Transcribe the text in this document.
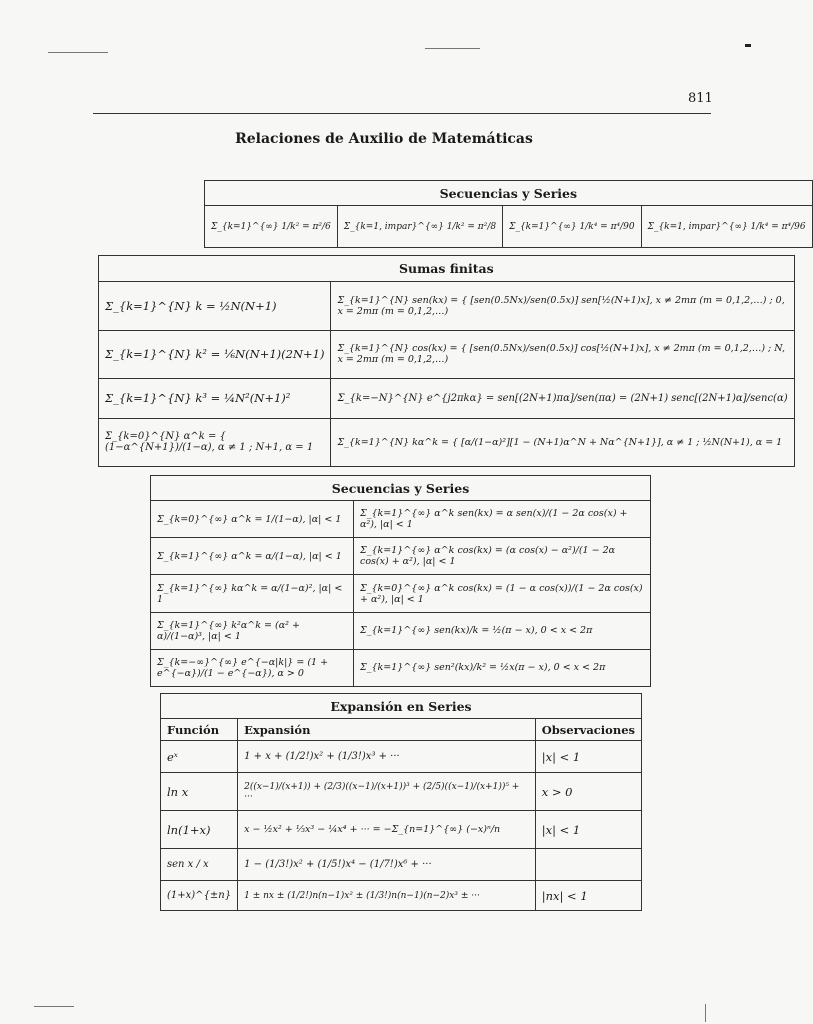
811
Relaciones de Auxilio de Matemáticas
Secuencias y Series
Σ_{k=1}^{∞} 1/k² = π²/6	Σ_{k=1, impar}^{∞} 1/k² = π²/8	Σ_{k=1}^{∞} 1/k⁴ = π⁴/90	Σ_{k=1, impar}^{∞} 1/k⁴ = π⁴/96
Sumas finitas	
Σ_{k=1}^{N} k = ½N(N+1)	Σ_{k=1}^{N} sen(kx) = { [sen(0.5Nx)/sen(0.5x)] sen[½(N+1)x], x ≠ 2mπ (m = 0,1,2,…) ; 0, x = 2mπ (m = 0,1,2,…)
Σ_{k=1}^{N} k² = ⅙N(N+1)(2N+1)	Σ_{k=1}^{N} cos(kx) = { [sen(0.5Nx)/sen(0.5x)] cos[½(N+1)x], x ≠ 2mπ (m = 0,1,2,…) ; N, x = 2mπ (m = 0,1,2,…)
Σ_{k=1}^{N} k³ = ¼N²(N+1)²	Σ_{k=−N}^{N} e^{j2πkα} = sen[(2N+1)πα]/sen(πα) = (2N+1) senc[(2N+1)α]/senc(α)
Σ_{k=0}^{N} α^k = { (1−α^{N+1})/(1−α), α ≠ 1 ; N+1, α = 1	Σ_{k=1}^{N} kα^k = { [α/(1−α)²][1 − (N+1)α^N + Nα^{N+1}], α ≠ 1 ; ½N(N+1), α = 1
Secuencias y Series	
Σ_{k=0}^{∞} α^k = 1/(1−α), |α| < 1	Σ_{k=1}^{∞} α^k sen(kx) = α sen(x)/(1 − 2α cos(x) + α²), |α| < 1
Σ_{k=1}^{∞} α^k = α/(1−α), |α| < 1	Σ_{k=1}^{∞} α^k cos(kx) = (α cos(x) − α²)/(1 − 2α cos(x) + α²), |α| < 1
Σ_{k=1}^{∞} kα^k = α/(1−α)², |α| < 1	Σ_{k=0}^{∞} α^k cos(kx) = (1 − α cos(x))/(1 − 2α cos(x) + α²), |α| < 1
Σ_{k=1}^{∞} k²α^k = (α² + α)/(1−α)³, |α| < 1	Σ_{k=1}^{∞} sen(kx)/k = ½(π − x), 0 < x < 2π
Σ_{k=−∞}^{∞} e^{−α|k|} = (1 + e^{−α})/(1 − e^{−α}), α > 0	Σ_{k=1}^{∞} sen²(kx)/k² = ½x(π − x), 0 < x < 2π
Expansión en Series		
Función	Expansión	Observaciones
eˣ	1 + x + (1/2!)x² + (1/3!)x³ + ···	|x| < 1
ln x	2((x−1)/(x+1)) + (2/3)((x−1)/(x+1))³ + (2/5)((x−1)/(x+1))⁵ + ···	x > 0
ln(1+x)	x − ½x² + ⅓x³ − ¼x⁴ + ··· = −Σ_{n=1}^{∞} (−x)ⁿ/n	|x| < 1
sen x / x	1 − (1/3!)x² + (1/5!)x⁴ − (1/7!)x⁶ + ···	
(1+x)^{±n}	1 ± nx ± (1/2!)n(n−1)x² ± (1/3!)n(n−1)(n−2)x³ ± ···	|nx| < 1
